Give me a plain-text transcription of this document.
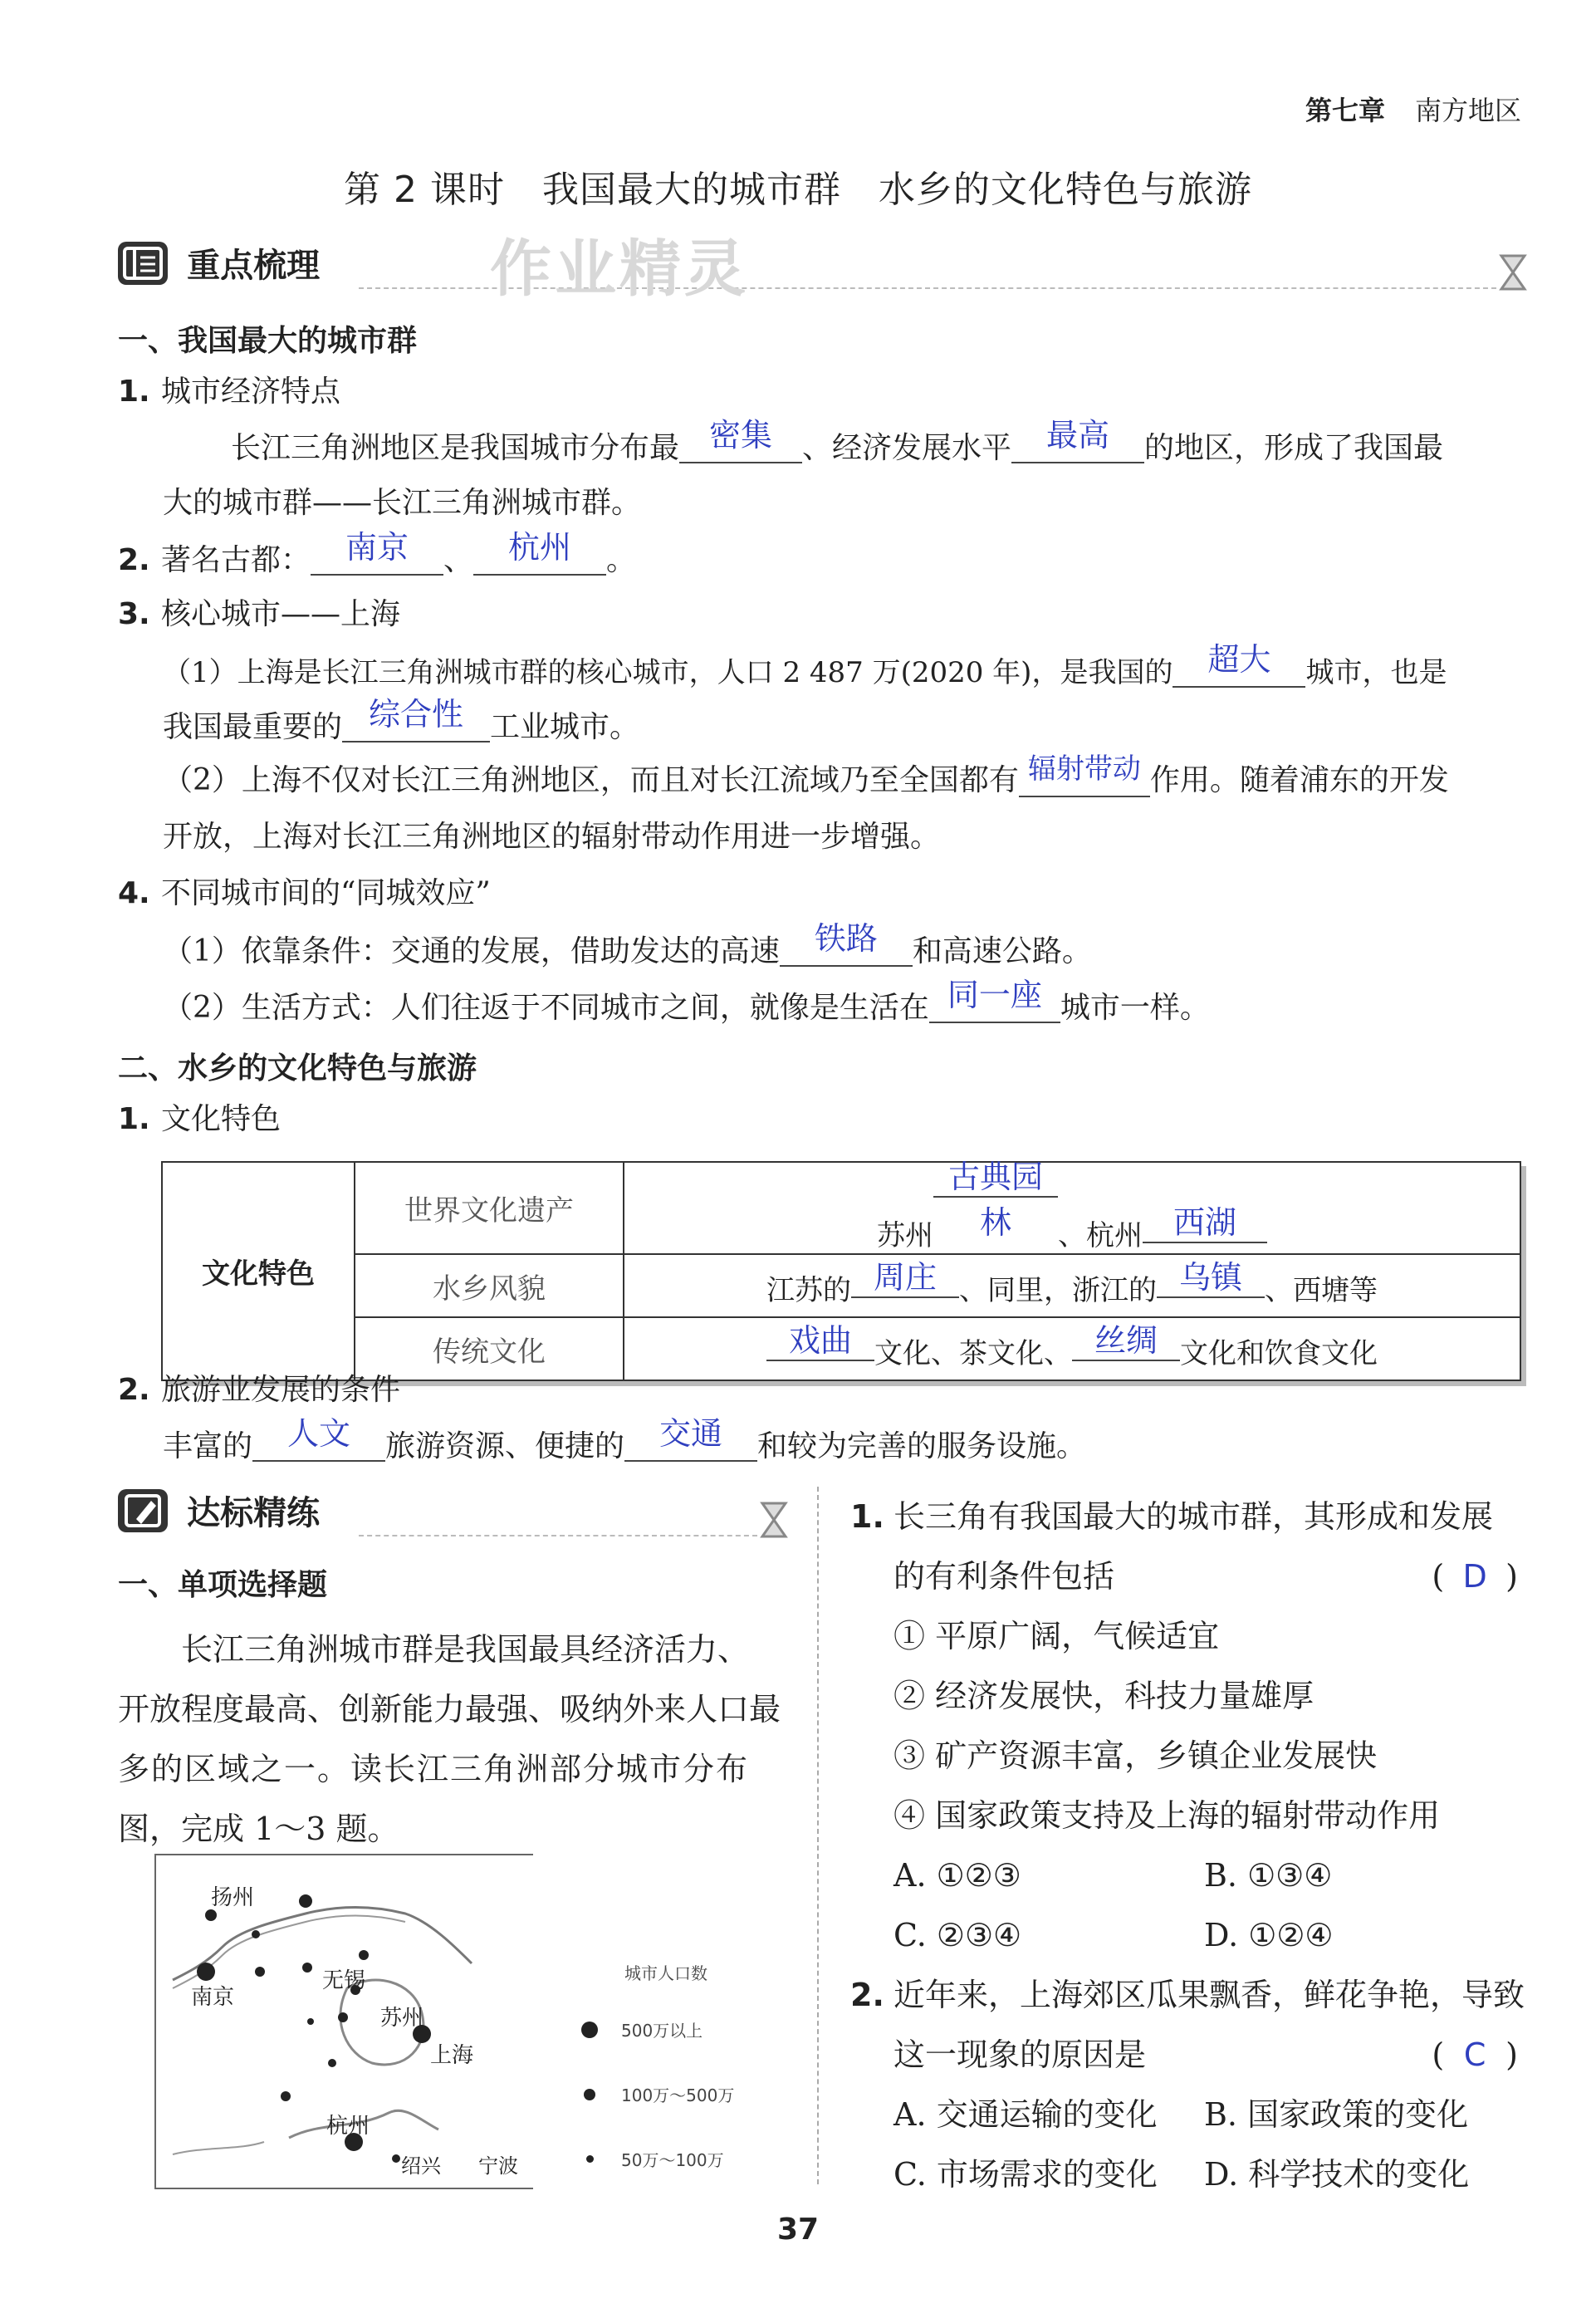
第七章 南方地区
第 2 课时　我国最大的城市群　水乡的文化特色与旅游
重点梳理	作业精灵
一、我国最大的城市群
1. 城市经济特点
长江三角洲地区是我国城市分布最 密集 、经济发展水平 最高 的地区，形成了我国最
大的城市群——长江三角洲城市群。
2. 著名古都： 南京 、 杭州 。
3. 核心城市——上海
（1）上海是长江三角洲城市群的核心城市，人口 2 487 万(2020 年)，是我国的 超大 城市，也是
我国最重要的 综合性 工业城市。
（2）上海不仅对长江三角洲地区，而且对长江流域乃至全国都有 辐射带动 作用。随着浦东的开发
开放，上海对长江三角洲地区的辐射带动作用进一步增强。
4. 不同城市间的“同城效应”
（1）依靠条件：交通的发展，借助发达的高速 铁路 和高速公路。
（2）生活方式：人们往返于不同城市之间，就像是生活在 同一座 城市一样。
二、水乡的文化特色与旅游
1. 文化特色
文化特色	世界文化遗产	苏州古典园林 、杭州 西湖
	水乡风貌	江苏的 周庄 、同里，浙江的 乌镇 、西塘等
	传统文化	戏曲 文化、茶文化、 丝绸 文化和饮食文化
2. 旅游业发展的条件
丰富的 人文 旅游资源、便捷的 交通 和较为完善的服务设施。
达标精练
一、单项选择题
长江三角洲城市群是我国最具经济活力、
开放程度最高、创新能力最强、吸纳外来人口最
多的区域之一。读长江三角洲部分城市分布
图，完成 1～3 题。
扬州
南京
无锡
苏州
上海
杭州
绍兴 宁波
城市人口数
500万以上
100万～500万
50万～100万
1. 长三角有我国最大的城市群，其形成和发展
的有利条件包括	( D )
① 平原广阔，气候适宜
② 经济发展快，科技力量雄厚
③ 矿产资源丰富，乡镇企业发展快
④ 国家政策支持及上海的辐射带动作用
A. ①②③	B. ①③④
C. ②③④	D. ①②④
2. 近年来，上海郊区瓜果飘香，鲜花争艳，导致
这一现象的原因是	( C )
A. 交通运输的变化 B. 国家政策的变化
C. 市场需求的变化 D. 科学技术的变化
37
